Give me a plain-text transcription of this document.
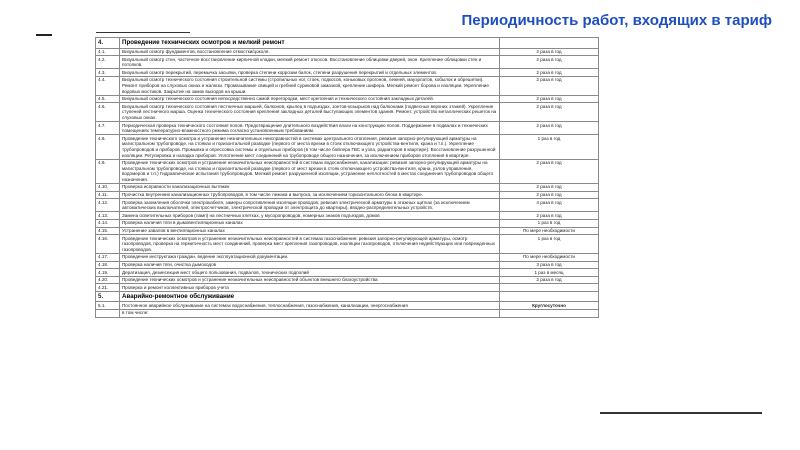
Периодичность работ, входящих в тариф
4.	Проведение технических осмотров и мелкий ремонт	
4.1.	Визуальный осмотр фундаментов, восстановление отмостки/цоколя.	2 раза в год
4.2.	Визуальный осмотр стен, частичное восстановление кирпичной кладки, мелкий ремонт откосов. Восстановление облицовки дверей, окон. Крепление облицовки стен и потолков.	2 раза в год
4.3.	Визуальный осмотр перекрытий, перемычка засыпки, проверка степени коррозии балок, степени разрушения перекрытий и отдельных элементов.	2 раза в год
4.4.	Визуальный осмотр технического состояния строительной системы (стропильных ног, стоек, подкосов, коньковых прогонов, лежней, мауэрлатов, кобылок и обрешетки). Ремонт приборов на слуховых окнах и жалюзи. Промазывание свищей и гребней суриковой замазкой, крепление шифера. Мелкий ремонт борова и изоляции. Укрепление водовых мостиков. Закрытие на замок выходов на крыши.	2 раза в год
4.5.	Визуальный осмотр технического состояния непосредственно самой перегородки, мест крепления и технического состояния закладных деталей.	2 раза в год
4.6.	Визуальный осмотр технического состояния лестничных маршей, балконов, крылец в подъездах, зонтов-козырьков над балконами (подвесных верхних этажей). Укрепление ступеней лестничного марша. Оценка технического состояния крепления закладных деталей выступающих элементов здания. Ремонт, устройство металлических решеток на слуховых окнах.	2 раза в год
4.7.	Периодическая проверка технического состояния полов. Предотвращение длительного воздействия влаги на конструкцию полов. Поддержание в подвалах и технических помещениях температурно-влажностного режима согласно установленным требованиям.	2 раза в год
4.8.	Проведение технического осмотра и устранение незначительных неисправностей в системах центрального отопления, ревизия запорно-регулирующей арматуры на магистральном трубопроводе, на стояках и горизонтальной разводке (первого от места врезки в стояк отключающего устройства-вентиля, крана и т.п.). Укрепление трубопроводов и приборов. Промывка и опрессовка системы и отдельных приборов (в том числе бойлера ГВС и узла, радиаторов в квартире). Восстановление разрушенной изоляции. Регулировка и наладка приборов. Уплотнение мест соединений на трубопроводе общего назначения, за исключением приборов отопления в квартире.	1 раз в год
4.9.	Проведение технических осмотров и устранение незначительных неисправностей в системах водоснабжения, канализации: ревизия запорно-регулирующей арматуры на магистральном трубопроводе, на стояках и горизонтальной разводке (первого от мест врезки в стояк отключающего устройства-вентиля, крана, узлов управления, водомеров и т.п.) Гидравлические испытания трубопроводов. Мелкий ремонт разрушенной изоляции, устранение неплотностей в местах соединения трубопроводов общего назначения.	2 раза в год
4.10.	Проверка исправности канализационных вытяжек	2 раза в год
4.11.	Прочистка внутренних канализационных трубопроводов, в том числе лежака и выпуска, за исключением горизонтального блока в квартире.	2 раза в год
4.12.	Проверка заземления оболочки электрокабеля, замеры сопротивления изоляции проводов, ревизия электрической арматуры в этажных щитках (за исключением автоматических выключателей, электросчетчиков, электрической проводки от электрощита до квартиры), вводно-распределительных устройств.	4 раза в год
4.13.	Замена осветительных приборов (ламп) на лестничных клетках, у мусоропроводов, номерных знаков подъездов, домов	2 раза в год
4.14.	Проверка наличия тяги в дымовентиляционных каналах	1 раз в год
4.15.	Устранение завалов в вентиляционных каналах	По мере необходимости
4.16.	Проведение технических осмотров и устранение незначительных неисправностей в системах газоснабжения: ревизия запорно-регулирующей арматуры, осмотр газопроводов, проверка на герметичность мест соединений, проверка мест крепления газопроводов, изоляции газопроводов, отключения недействующих или поврежденных газопроводов.	1 раз в год
4.17.	Проведение инструктажа граждан, ведение эксплуатационной документации.	По мере необходимости
4.18.	Проверка наличия тяги, очистка дымоходов	3 раза в год
4.19.	Дератизация, дезинсекция мест общего пользования, подвалов, технических подполий	1 раз в месяц
4.20.	Проведение технических осмотров и устранение незначительных неисправностей объектов внешнего благоустройства	2 раза в год
4.21.	Проверка и ремонт коллективных приборов учета	
5.	Аварийно-ремонтное обслуживание	
5.1.	Постоянное аварийное обслуживание на системах водоснабжения, теплоснабжения, газоснабжения, канализации, энергоснабжения	Круглосуточно
	в том числе:	
